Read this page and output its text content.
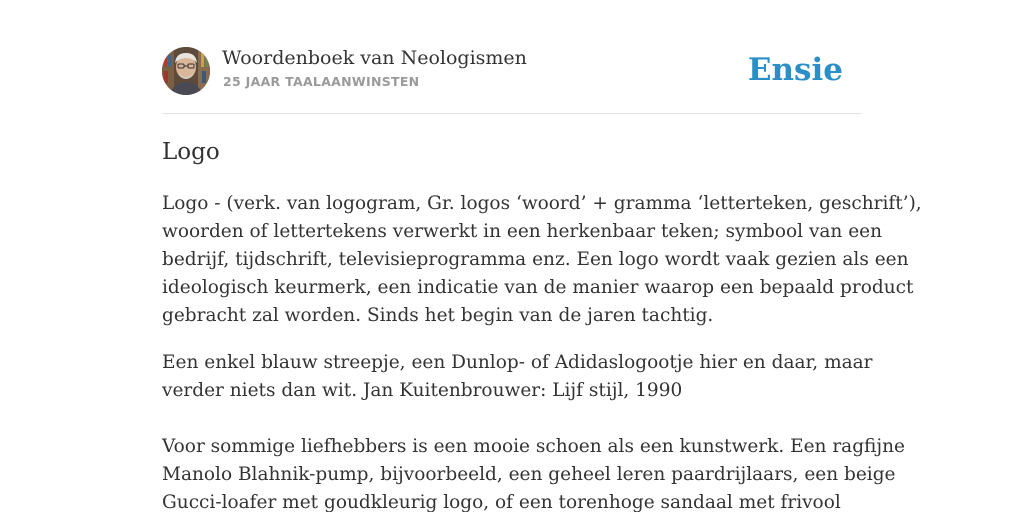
Woordenboek van Neologismen
25 JAAR TAALAANWINSTEN	Ensie
Logo
Logo - (verk. van logogram, Gr. logos ‘woord’ + gramma ‘letterteken, geschrift’),
woorden of lettertekens verwerkt in een herkenbaar teken; symbool van een
bedrijf, tijdschrift, televisieprogramma enz. Een logo wordt vaak gezien als een
ideologisch keurmerk, een indicatie van de manier waarop een bepaald product
gebracht zal worden. Sinds het begin van de jaren tachtig.
Een enkel blauw streepje, een Dunlop- of Adidaslogootje hier en daar, maar
verder niets dan wit. Jan Kuitenbrouwer: Lijf stijl, 1990
Voor sommige liefhebbers is een mooie schoen als een kunstwerk. Een ragfijne
Manolo Blahnik-pump, bijvoorbeeld, een geheel leren paardrijlaars, een beige
Gucci-loafer met goudkleurig logo, of een torenhoge sandaal met frivool
